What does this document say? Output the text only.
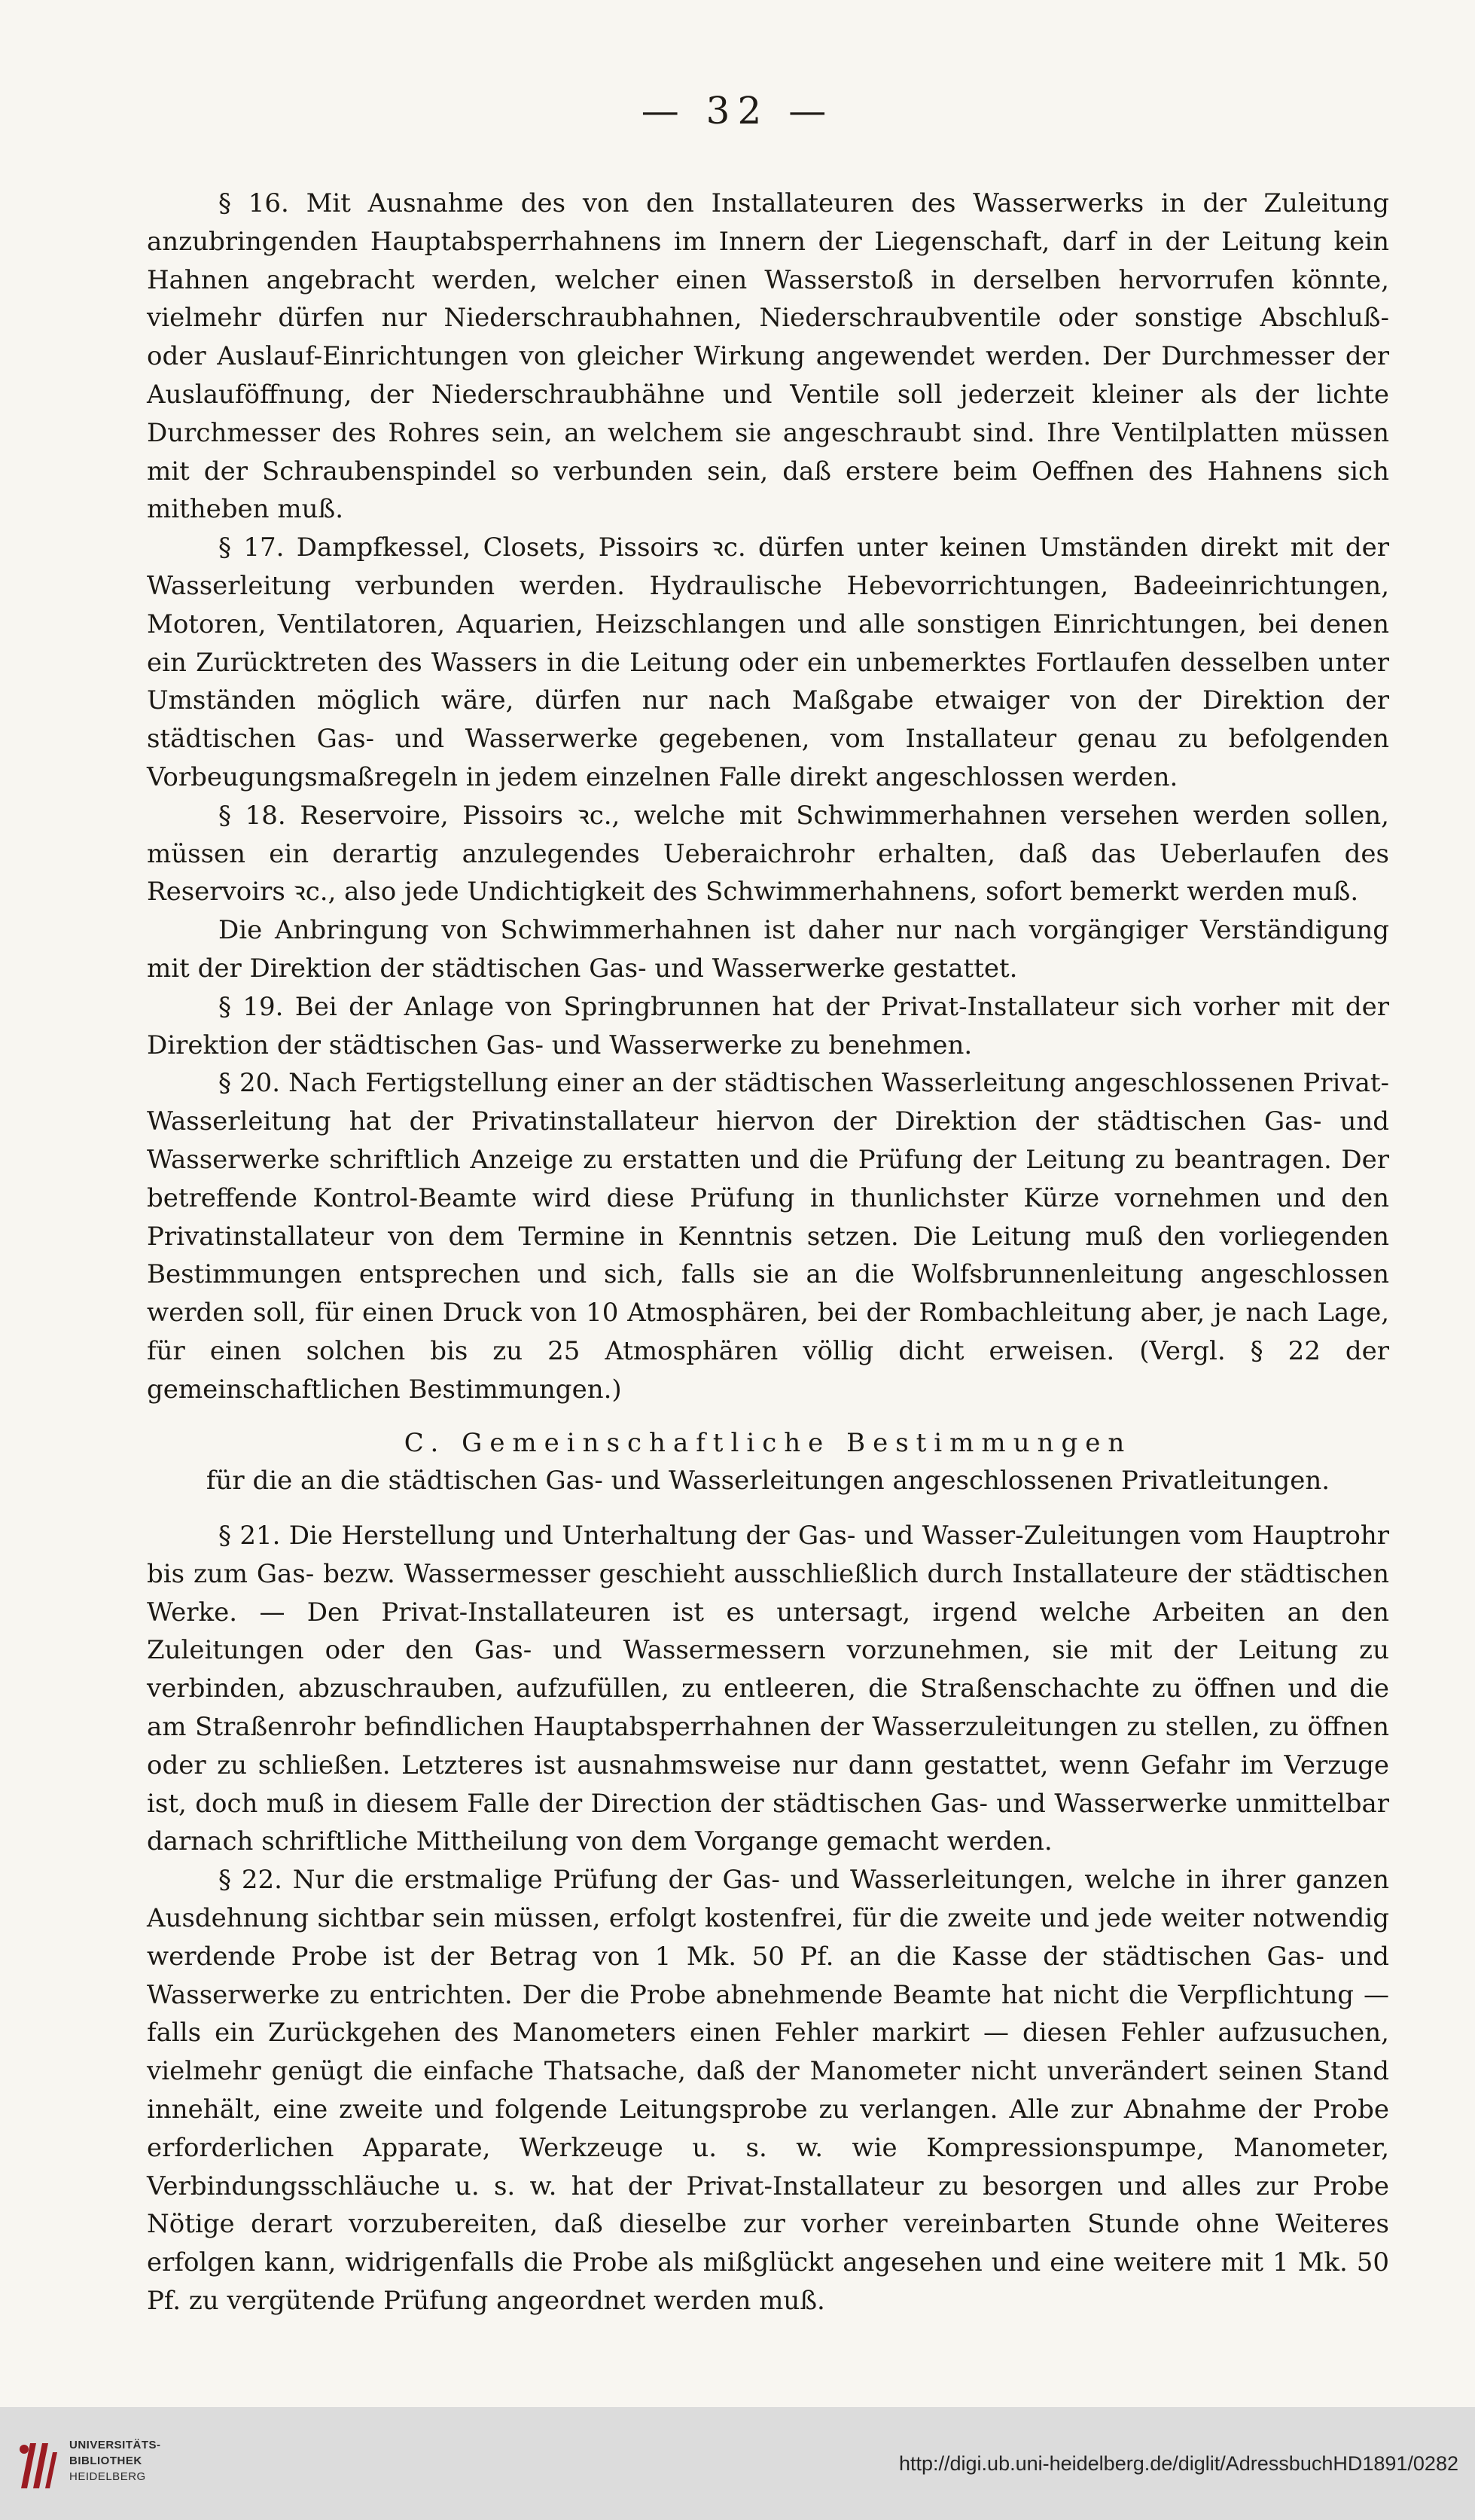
— 32 —

§ 16. Mit Ausnahme des von den Installateuren des Wasserwerks in der Zuleitung anzubringenden Hauptabsperrhahnens im Innern der Liegenschaft, darf in der Leitung kein Hahnen angebracht werden, welcher einen Wasserstoß in derselben hervorrufen könnte, vielmehr dürfen nur Niederschraubhahnen, Niederschraubventile oder sonstige Abschluß- oder Auslauf-Einrichtungen von gleicher Wirkung angewendet werden. Der Durchmesser der Auslauföffnung, der Niederschraubhähne und Ventile soll jederzeit kleiner als der lichte Durchmesser des Rohres sein, an welchem sie angeschraubt sind. Ihre Ventilplatten müssen mit der Schraubenspindel so verbunden sein, daß erstere beim Oeffnen des Hahnens sich mitheben muß.

§ 17. Dampfkessel, Closets, Pissoirs ꝛc. dürfen unter keinen Umständen direkt mit der Wasserleitung verbunden werden. Hydraulische Hebevorrichtungen, Badeeinrichtungen, Motoren, Ventilatoren, Aquarien, Heizschlangen und alle sonstigen Einrichtungen, bei denen ein Zurücktreten des Wassers in die Leitung oder ein unbemerktes Fortlaufen desselben unter Umständen möglich wäre, dürfen nur nach Maßgabe etwaiger von der Direktion der städtischen Gas- und Wasserwerke gegebenen, vom Installateur genau zu befolgenden Vorbeugungsmaßregeln in jedem einzelnen Falle direkt angeschlossen werden.

§ 18. Reservoire, Pissoirs ꝛc., welche mit Schwimmerhahnen versehen werden sollen, müssen ein derartig anzulegendes Ueberaichrohr erhalten, daß das Ueberlaufen des Reservoirs ꝛc., also jede Undichtigkeit des Schwimmerhahnens, sofort bemerkt werden muß.

Die Anbringung von Schwimmerhahnen ist daher nur nach vorgängiger Verständigung mit der Direktion der städtischen Gas- und Wasserwerke gestattet.

§ 19. Bei der Anlage von Springbrunnen hat der Privat-Installateur sich vorher mit der Direktion der städtischen Gas- und Wasserwerke zu benehmen.

§ 20. Nach Fertigstellung einer an der städtischen Wasserleitung angeschlossenen Privat-Wasserleitung hat der Privatinstallateur hiervon der Direktion der städtischen Gas- und Wasserwerke schriftlich Anzeige zu erstatten und die Prüfung der Leitung zu beantragen. Der betreffende Kontrol-Beamte wird diese Prüfung in thunlichster Kürze vornehmen und den Privatinstallateur von dem Termine in Kenntnis setzen. Die Leitung muß den vorliegenden Bestimmungen entsprechen und sich, falls sie an die Wolfsbrunnenleitung angeschlossen werden soll, für einen Druck von 10 Atmosphären, bei der Rombachleitung aber, je nach Lage, für einen solchen bis zu 25 Atmosphären völlig dicht erweisen. (Vergl. § 22 der gemeinschaftlichen Bestimmungen.)

C. Gemeinschaftliche Bestimmungen

für die an die städtischen Gas- und Wasserleitungen angeschlossenen Privatleitungen.

§ 21. Die Herstellung und Unterhaltung der Gas- und Wasser-Zuleitungen vom Hauptrohr bis zum Gas- bezw. Wassermesser geschieht ausschließlich durch Installateure der städtischen Werke. — Den Privat-Installateuren ist es untersagt, irgend welche Arbeiten an den Zuleitungen oder den Gas- und Wassermessern vorzunehmen, sie mit der Leitung zu verbinden, abzuschrauben, aufzufüllen, zu entleeren, die Straßenschachte zu öffnen und die am Straßenrohr befindlichen Hauptabsperrhahnen der Wasserzuleitungen zu stellen, zu öffnen oder zu schließen. Letzteres ist ausnahmsweise nur dann gestattet, wenn Gefahr im Verzuge ist, doch muß in diesem Falle der Direction der städtischen Gas- und Wasserwerke unmittelbar darnach schriftliche Mittheilung von dem Vorgange gemacht werden.

§ 22. Nur die erstmalige Prüfung der Gas- und Wasserleitungen, welche in ihrer ganzen Ausdehnung sichtbar sein müssen, erfolgt kostenfrei, für die zweite und jede weiter notwendig werdende Probe ist der Betrag von 1 Mk. 50 Pf. an die Kasse der städtischen Gas- und Wasserwerke zu entrichten. Der die Probe abnehmende Beamte hat nicht die Verpflichtung — falls ein Zurückgehen des Manometers einen Fehler markirt — diesen Fehler aufzusuchen, vielmehr genügt die einfache Thatsache, daß der Manometer nicht unverändert seinen Stand innehält, eine zweite und folgende Leitungsprobe zu verlangen. Alle zur Abnahme der Probe erforderlichen Apparate, Werkzeuge u. s. w. wie Kompressionspumpe, Manometer, Verbindungsschläuche u. s. w. hat der Privat-Installateur zu besorgen und alles zur Probe Nötige derart vorzubereiten, daß dieselbe zur vorher vereinbarten Stunde ohne Weiteres erfolgen kann, widrigenfalls die Probe als mißglückt angesehen und eine weitere mit 1 Mk. 50 Pf. zu vergütende Prüfung angeordnet werden muß.

UNIVERSITÄTS-
BIBLIOTHEK
HEIDELBERG
http://digi.ub.uni-heidelberg.de/diglit/AdressbuchHD1891/0282
